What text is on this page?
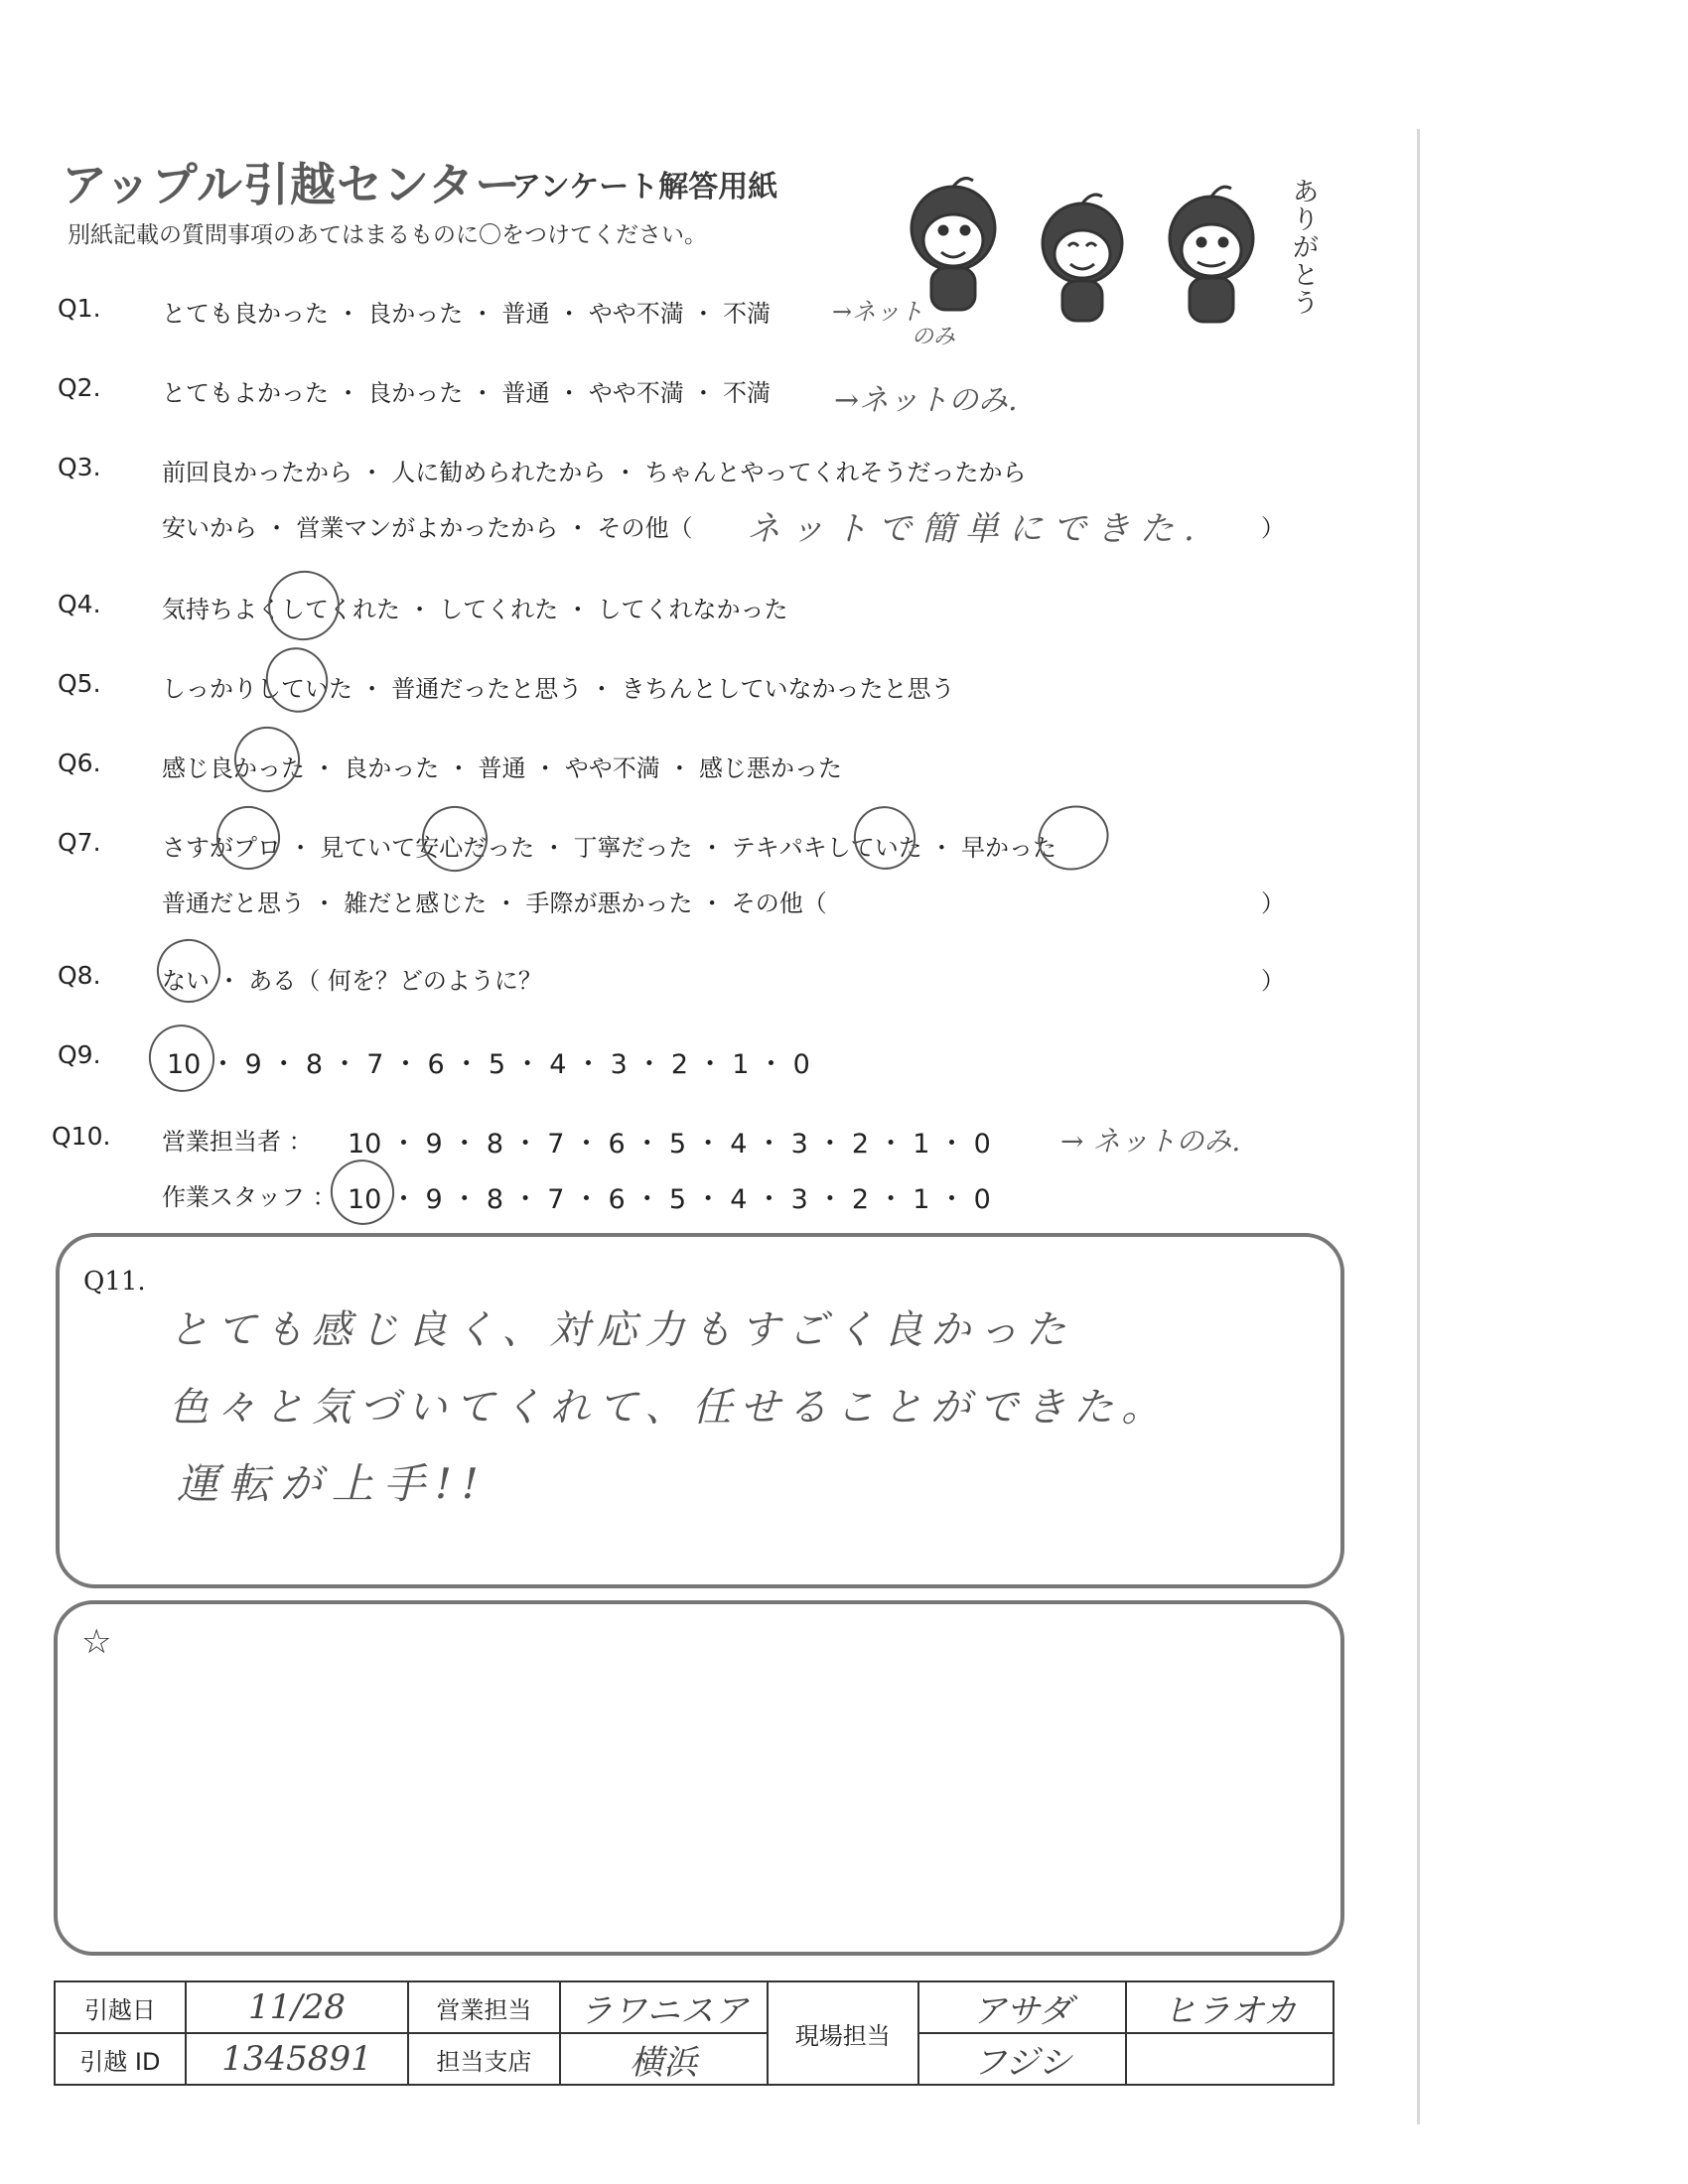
アップル引越センター
アンケート解答用紙
別紙記載の質問事項のあてはまるものに〇をつけてください。
ありがとう
Q1.	とても良かった ・ 良かった ・ 普通 ・ やや不満 ・ 不満	→ネット
のみ
Q2.	とてもよかった ・ 良かった ・ 普通 ・ やや不満 ・ 不満 →ネットのみ.
Q3.	前回良かったから ・ 人に勧められたから ・ ちゃんとやってくれそうだったから
安いから ・ 営業マンがよかったから ・ その他（ ネットで簡単にできた. ）
Q4.	気持ちよくしてくれた ・ してくれた ・ してくれなかった
Q5.	しっかりしていた ・ 普通だったと思う ・ きちんとしていなかったと思う
Q6.	感じ良かった ・ 良かった ・ 普通 ・ やや不満 ・ 感じ悪かった
Q7.	さすがプロ ・ 見ていて安心だった ・ 丁寧だった ・ テキパキしていた ・ 早かった
普通だと思う ・ 雑だと感じた ・ 手際が悪かった ・ その他（	）
Q8.	ない ・ ある（ 何を？どのように？	）
Q9. 10 ・ 9 ・ 8 ・ 7 ・ 6 ・ 5 ・ 4 ・ 3 ・ 2 ・ 1 ・ 0
Q10. 営業担当者 ： 10 ・ 9 ・ 8 ・ 7 ・ 6 ・ 5 ・ 4 ・ 3 ・ 2 ・ 1 ・ 0	→ ネットのみ.
作業スタッフ ： 10 ・ 9 ・ 8 ・ 7 ・ 6 ・ 5 ・ 4 ・ 3 ・ 2 ・ 1 ・ 0
Q11.
とても感じ良く、対応力もすごく良かった
色々と気づいてくれて、任せることができた。
運転が上手!!
☆
引越日	11/28	営業担当	ラワニスア	現場担当	アサダ	ヒラオカ
引越 ID	1345891	担当支店	横浜		フジシ	
